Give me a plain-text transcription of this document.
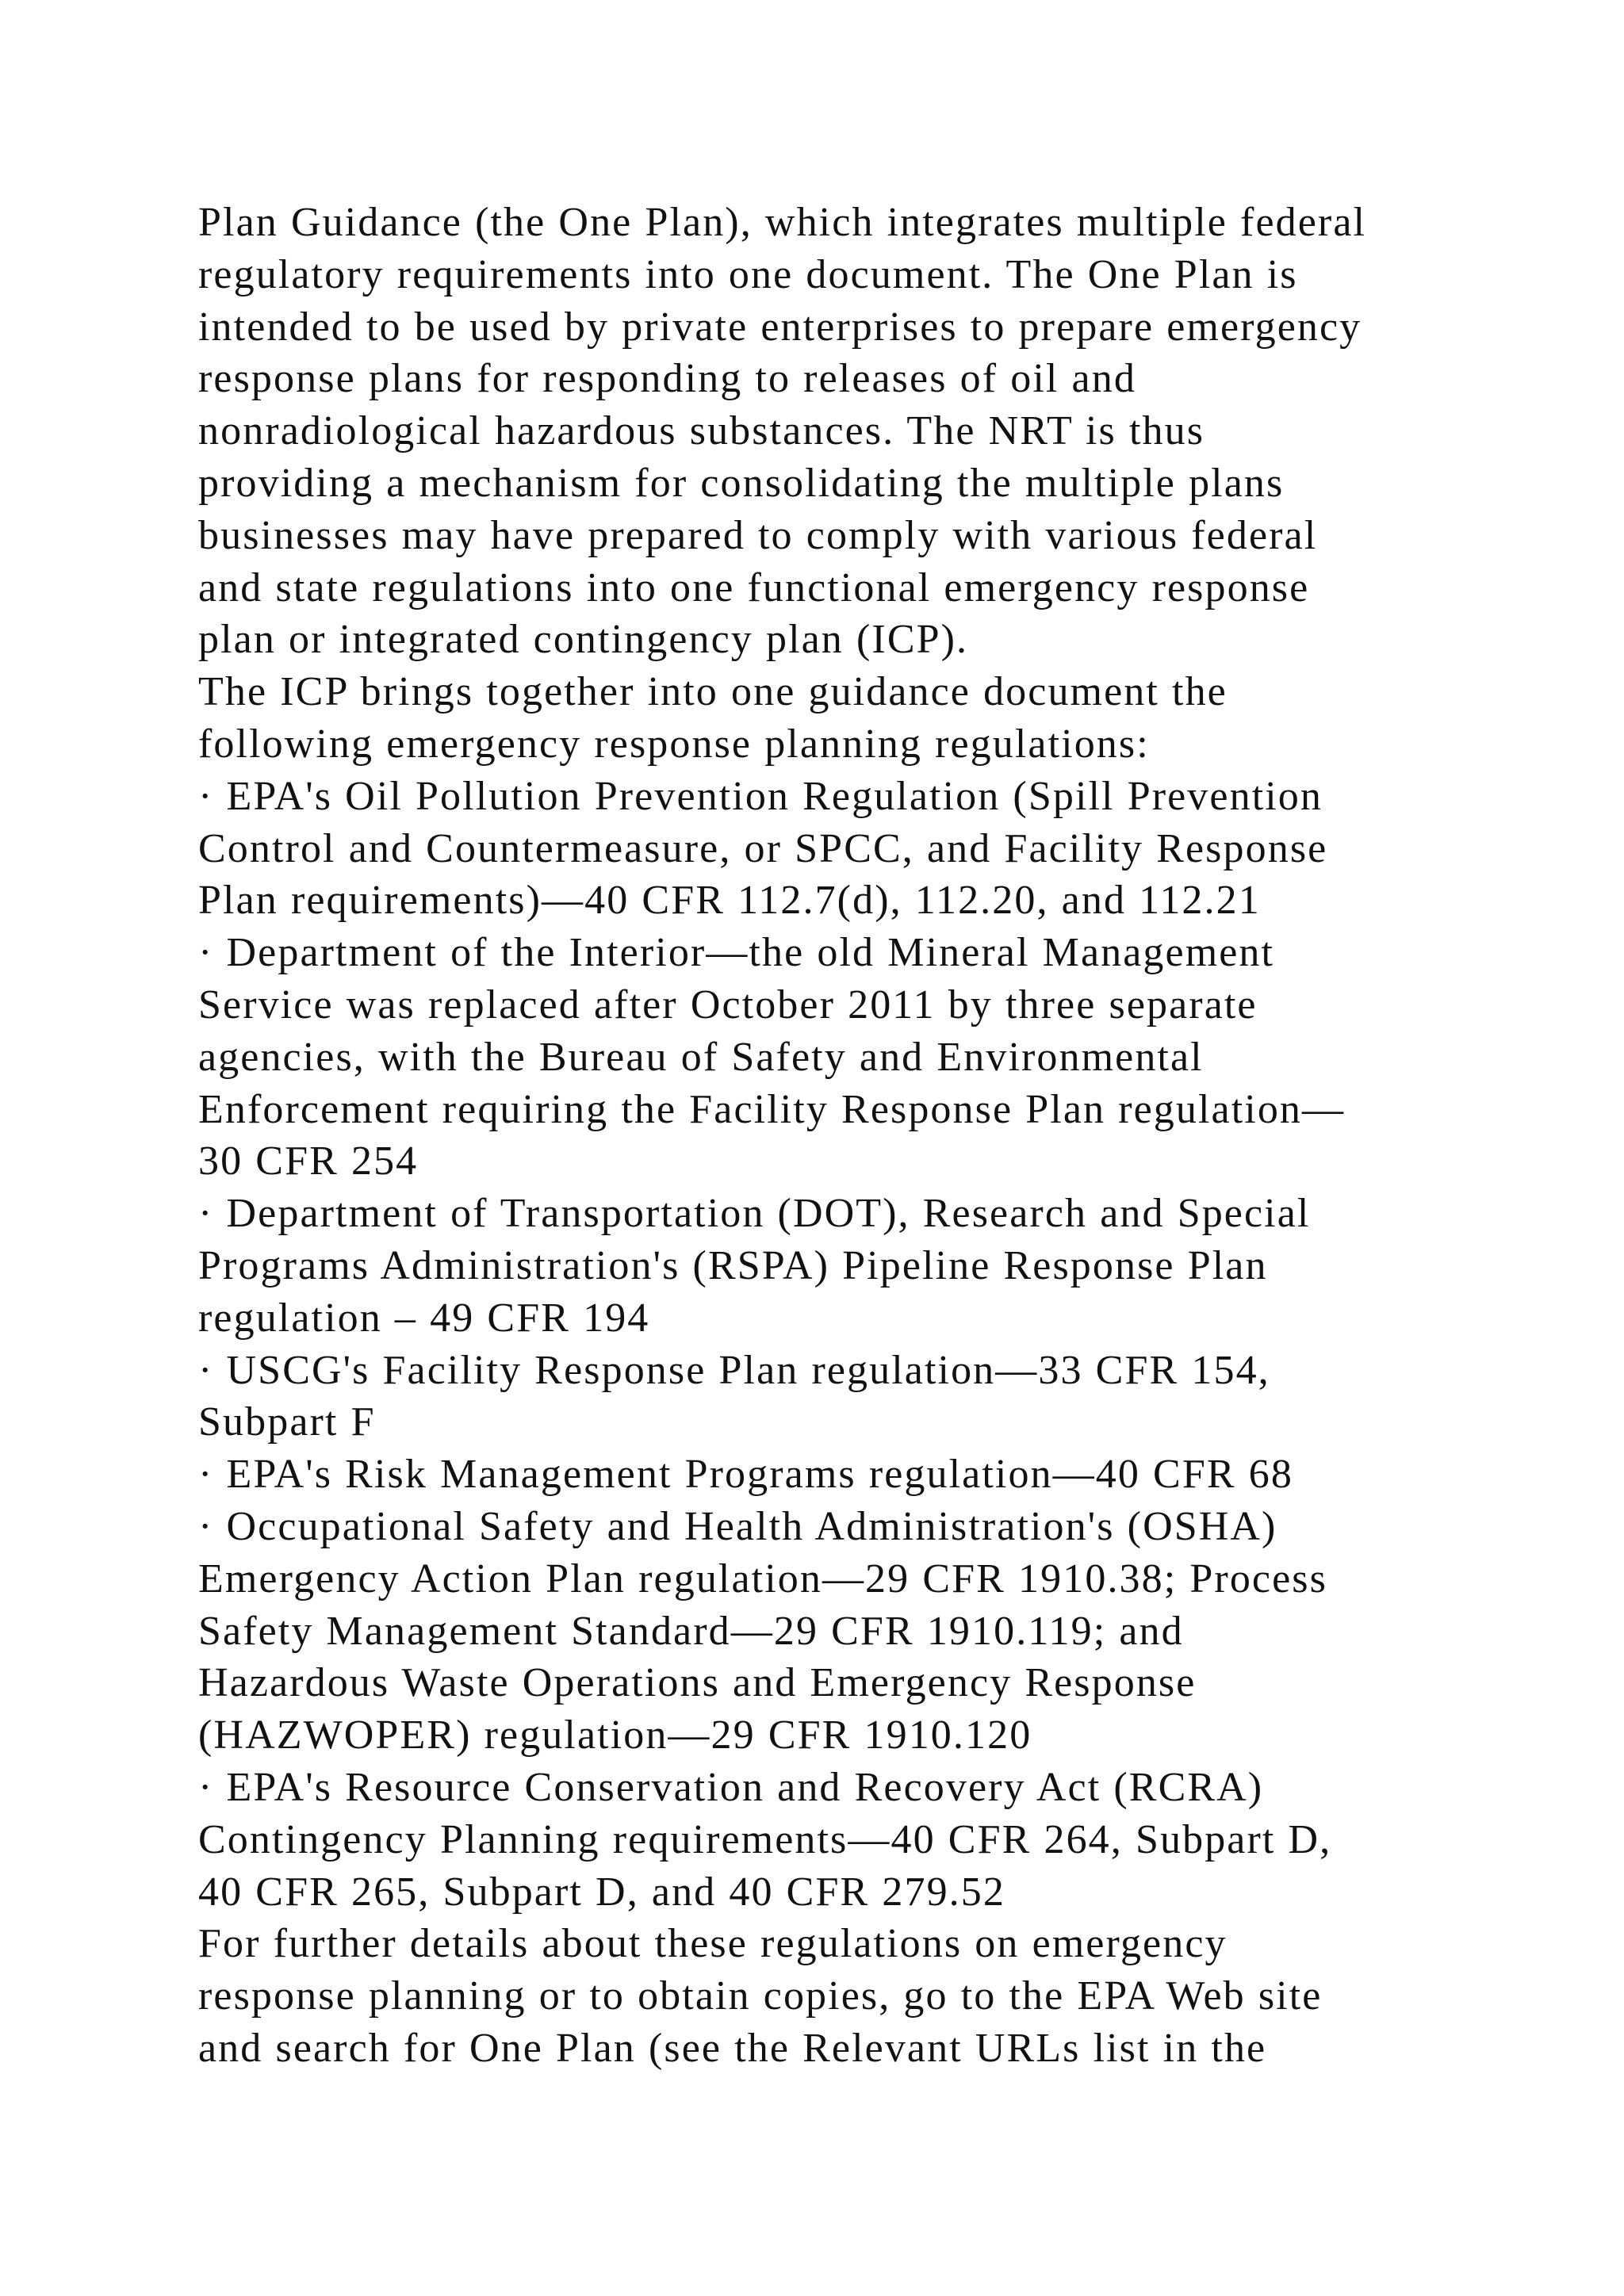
Plan Guidance (the One Plan), which integrates multiple federal
regulatory requirements into one document. The One Plan is
intended to be used by private enterprises to prepare emergency
response plans for responding to releases of oil and
nonradiological hazardous substances. The NRT is thus
providing a mechanism for consolidating the multiple plans
businesses may have prepared to comply with various federal
and state regulations into one functional emergency response
plan or integrated contingency plan (ICP).
The ICP brings together into one guidance document the
following emergency response planning regulations:
· EPA's Oil Pollution Prevention Regulation (Spill Prevention
Control and Countermeasure, or SPCC, and Facility Response
Plan requirements)—40 CFR 112.7(d), 112.20, and 112.21
· Department of the Interior—the old Mineral Management
Service was replaced after October 2011 by three separate
agencies, with the Bureau of Safety and Environmental
Enforcement requiring the Facility Response Plan regulation—
30 CFR 254
· Department of Transportation (DOT), Research and Special
Programs Administration's (RSPA) Pipeline Response Plan
regulation – 49 CFR 194
· USCG's Facility Response Plan regulation—33 CFR 154,
Subpart F
· EPA's Risk Management Programs regulation—40 CFR 68
· Occupational Safety and Health Administration's (OSHA)
Emergency Action Plan regulation—29 CFR 1910.38; Process
Safety Management Standard—29 CFR 1910.119; and
Hazardous Waste Operations and Emergency Response
(HAZWOPER) regulation—29 CFR 1910.120
· EPA's Resource Conservation and Recovery Act (RCRA)
Contingency Planning requirements—40 CFR 264, Subpart D,
40 CFR 265, Subpart D, and 40 CFR 279.52
For further details about these regulations on emergency
response planning or to obtain copies, go to the EPA Web site
and search for One Plan (see the Relevant URLs list in the
